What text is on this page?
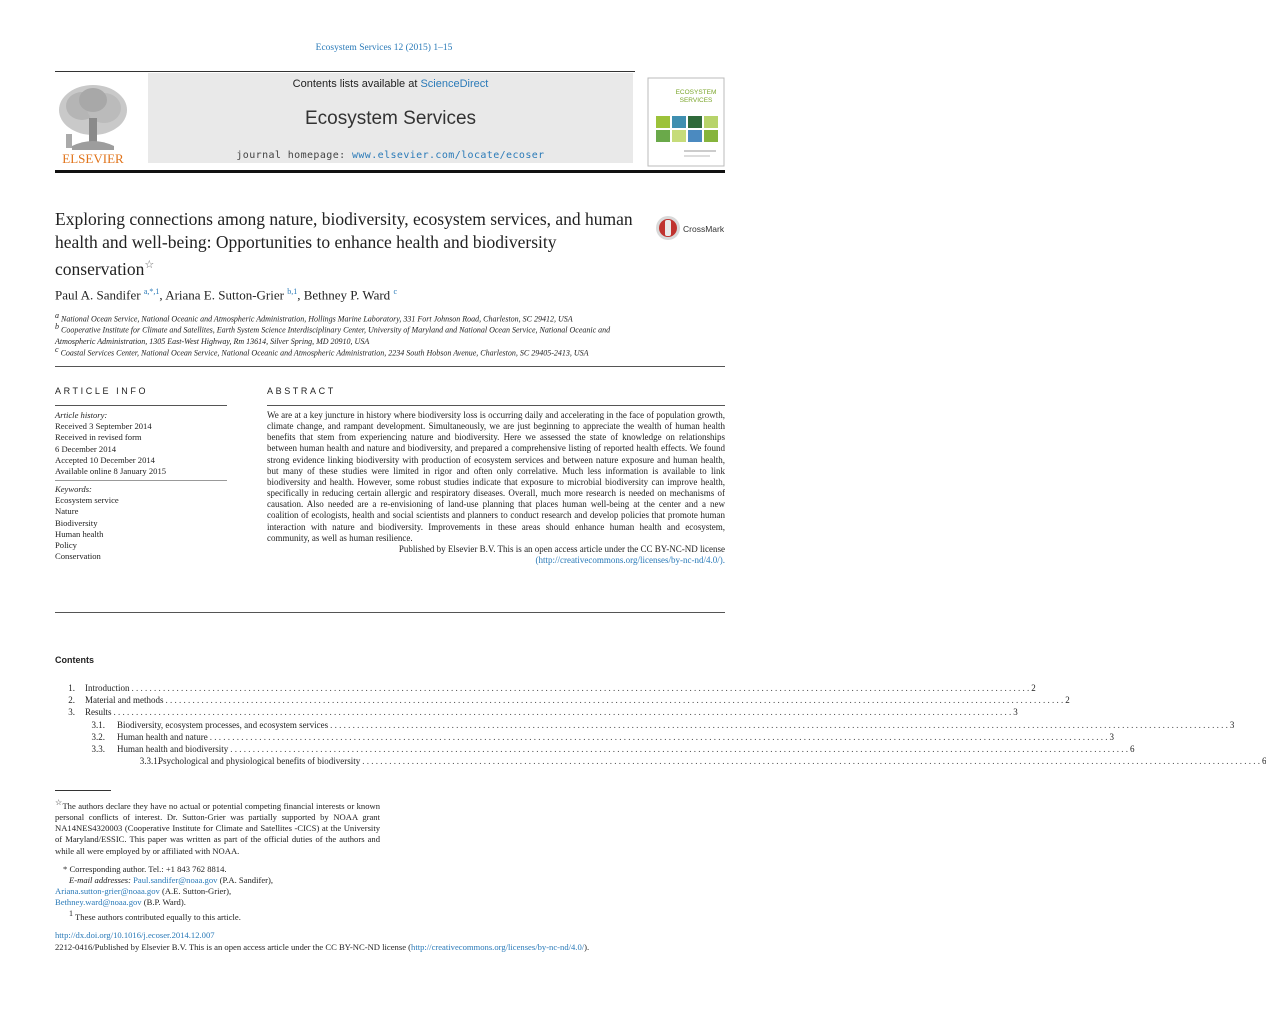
Ecosystem Services 12 (2015) 1–15
ELSEVIER
Contents lists available at ScienceDirect
Ecosystem Services
journal homepage: www.elsevier.com/locate/ecoser
ECOSYSTEM
SERVICES
Exploring connections among nature, biodiversity, ecosystem services, and human health and well-being: Opportunities to enhance health and biodiversity conservation☆
CrossMark
Paul A. Sandifer $^{a,*,1}$, Ariana E. Sutton-Grier $^{b,1}$, Bethney P. Ward $^c$
$^a$ National Ocean Service, National Oceanic and Atmospheric Administration, Hollings Marine Laboratory, 331 Fort Johnson Road, Charleston, SC 29412, USA
$^b$ Cooperative Institute for Climate and Satellites, Earth System Science Interdisciplinary Center, University of Maryland and National Ocean Service, National Oceanic and Atmospheric Administration, 1305 East-West Highway, Rm 13614, Silver Spring, MD 20910, USA
$^c$ Coastal Services Center, National Ocean Service, National Oceanic and Atmospheric Administration, 2234 South Hobson Avenue, Charleston, SC 29405-2413, USA
ARTICLE INFO
Article history:
Received 3 September 2014
Received in revised form
6 December 2014
Accepted 10 December 2014
Available online 8 January 2015
Keywords:
Ecosystem service
Nature
Biodiversity
Human health
Policy
Conservation
ABSTRACT
We are at a key juncture in history where biodiversity loss is occurring daily and accelerating in the face of population growth, climate change, and rampant development. Simultaneously, we are just beginning to appreciate the wealth of human health benefits that stem from experiencing nature and biodiversity. Here we assessed the state of knowledge on relationships between human health and nature and biodiversity, and prepared a comprehensive listing of reported health effects. We found strong evidence linking biodiversity with production of ecosystem services and between nature exposure and human health, but many of these studies were limited in rigor and often only correlative. Much less information is available to link biodiversity and health. However, some robust studies indicate that exposure to microbial biodiversity can improve health, specifically in reducing certain allergic and respiratory diseases. Overall, much more research is needed on mechanisms of causation. Also needed are a re-envisioning of land-use planning that places human well-being at the center and a new coalition of ecologists, health and social scientists and planners to conduct research and develop policies that promote human interaction with nature and biodiversity. Improvements in these areas should enhance human health and ecosystem, community, as well as human resilience.
Published by Elsevier B.V. This is an open access article under the CC BY-NC-ND license
(http://creativecommons.org/licenses/by-nc-nd/4.0/).
Contents
1. Introduction . . . . . . . . . . . . . . . . . . . . . . . . . . . . . . . . . . . . . . . . . . . . . . . . . . . . . . . . . . . . . . . . . . . . . . . . . . . . . . . . . . . . . . . . . . . . . . . . . . . . . . . . . . . . . . . . . . . . . . . . . . . . . . . . . . . . . . . . . . . . . . . . . . . . . . . . . . . . . . . . . . . . . . . . . . . . . . . . . . . . . . . . . . . . . . . . . . . . . . . . 2
2. Material and methods . . . . . . . . . . . . . . . . . . . . . . . . . . . . . . . . . . . . . . . . . . . . . . . . . . . . . . . . . . . . . . . . . . . . . . . . . . . . . . . . . . . . . . . . . . . . . . . . . . . . . . . . . . . . . . . . . . . . . . . . . . . . . . . . . . . . . . . . . . . . . . . . . . . . . . . . . . . . . . . . . . . . . . . . . . . . . . . . . . . . . . . . . . . . . . . . . . . . . . . . 2
3. Results . . . . . . . . . . . . . . . . . . . . . . . . . . . . . . . . . . . . . . . . . . . . . . . . . . . . . . . . . . . . . . . . . . . . . . . . . . . . . . . . . . . . . . . . . . . . . . . . . . . . . . . . . . . . . . . . . . . . . . . . . . . . . . . . . . . . . . . . . . . . . . . . . . . . . . . . . . . . . . . . . . . . . . . . . . . . . . . . . . . . . . . . . . . . . . . . . . . . . . . . 3
3.1. Biodiversity, ecosystem processes, and ecosystem services . . . . . . . . . . . . . . . . . . . . . . . . . . . . . . . . . . . . . . . . . . . . . . . . . . . . . . . . . . . . . . . . . . . . . . . . . . . . . . . . . . . . . . . . . . . . . . . . . . . . . . . . . . . . . . . . . . . . . . . . . . . . . . . . . . . . . . . . . . . . . . . . . . . . . . . . . . . . . . . . . . . . . . . . . . . . . . . . . . . . . . . . . . . . . . . . . . . . . . . . 3
3.2. Human health and nature . . . . . . . . . . . . . . . . . . . . . . . . . . . . . . . . . . . . . . . . . . . . . . . . . . . . . . . . . . . . . . . . . . . . . . . . . . . . . . . . . . . . . . . . . . . . . . . . . . . . . . . . . . . . . . . . . . . . . . . . . . . . . . . . . . . . . . . . . . . . . . . . . . . . . . . . . . . . . . . . . . . . . . . . . . . . . . . . . . . . . . . . . . . . . . . . . . . . . . . . 3
3.3. Human health and biodiversity . . . . . . . . . . . . . . . . . . . . . . . . . . . . . . . . . . . . . . . . . . . . . . . . . . . . . . . . . . . . . . . . . . . . . . . . . . . . . . . . . . . . . . . . . . . . . . . . . . . . . . . . . . . . . . . . . . . . . . . . . . . . . . . . . . . . . . . . . . . . . . . . . . . . . . . . . . . . . . . . . . . . . . . . . . . . . . . . . . . . . . . . . . . . . . . . . . . . . . . . 6
3.3.1.
Psychological and physiological benefits of biodiversity . . . . . . . . . . . . . . . . . . . . . . . . . . . . . . . . . . . . . . . . . . . . . . . . . . . . . . . . . . . . . . . . . . . . . . . . . . . . . . . . . . . . . . . . . . . . . . . . . . . . . . . . . . . . . . . . . . . . . . . . . . . . . . . . . . . . . . . . . . . . . . . . . . . . . . . . . . . . . . . . . . . . . . . . . . . . . . . . . . . . . . . . . . . . . . . . . . . . . . . . 6
☆The authors declare they have no actual or potential competing financial interests or known personal conflicts of interest. Dr. Sutton-Grier was partially supported by NOAA grant NA14NES4320003 (Cooperative Institute for Climate and Satellites -CICS) at the University of Maryland/ESSIC. This paper was written as part of the official duties of the authors and while all were employed by or affiliated with NOAA.
* Corresponding author. Tel.: +1 843 762 8814.
E-mail addresses: Paul.sandifer@noaa.gov (P.A. Sandifer),
Ariana.sutton-grier@noaa.gov (A.E. Sutton-Grier),
Bethney.ward@noaa.gov (B.P. Ward).
$^1$ These authors contributed equally to this article.
http://dx.doi.org/10.1016/j.ecoser.2014.12.007
2212-0416/Published by Elsevier B.V. This is an open access article under the CC BY-NC-ND license (http://creativecommons.org/licenses/by-nc-nd/4.0/).
